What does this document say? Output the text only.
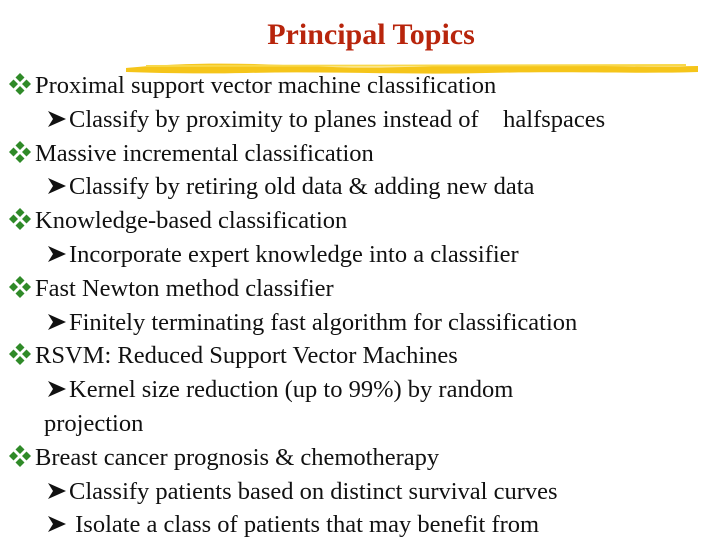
Principal Topics
Proximal support vector machine classification
Classify by proximity to planes instead of    halfspaces
Massive incremental classification
Classify by retiring old data & adding new data
Knowledge-based classification
Incorporate expert knowledge into a classifier
Fast Newton method classifier
Finitely terminating fast algorithm for classification
RSVM: Reduced Support Vector Machines
Kernel size reduction (up to 99%) by random
projection
Breast cancer prognosis & chemotherapy
Classify patients based on distinct survival curves
Isolate a class of patients that may benefit from
